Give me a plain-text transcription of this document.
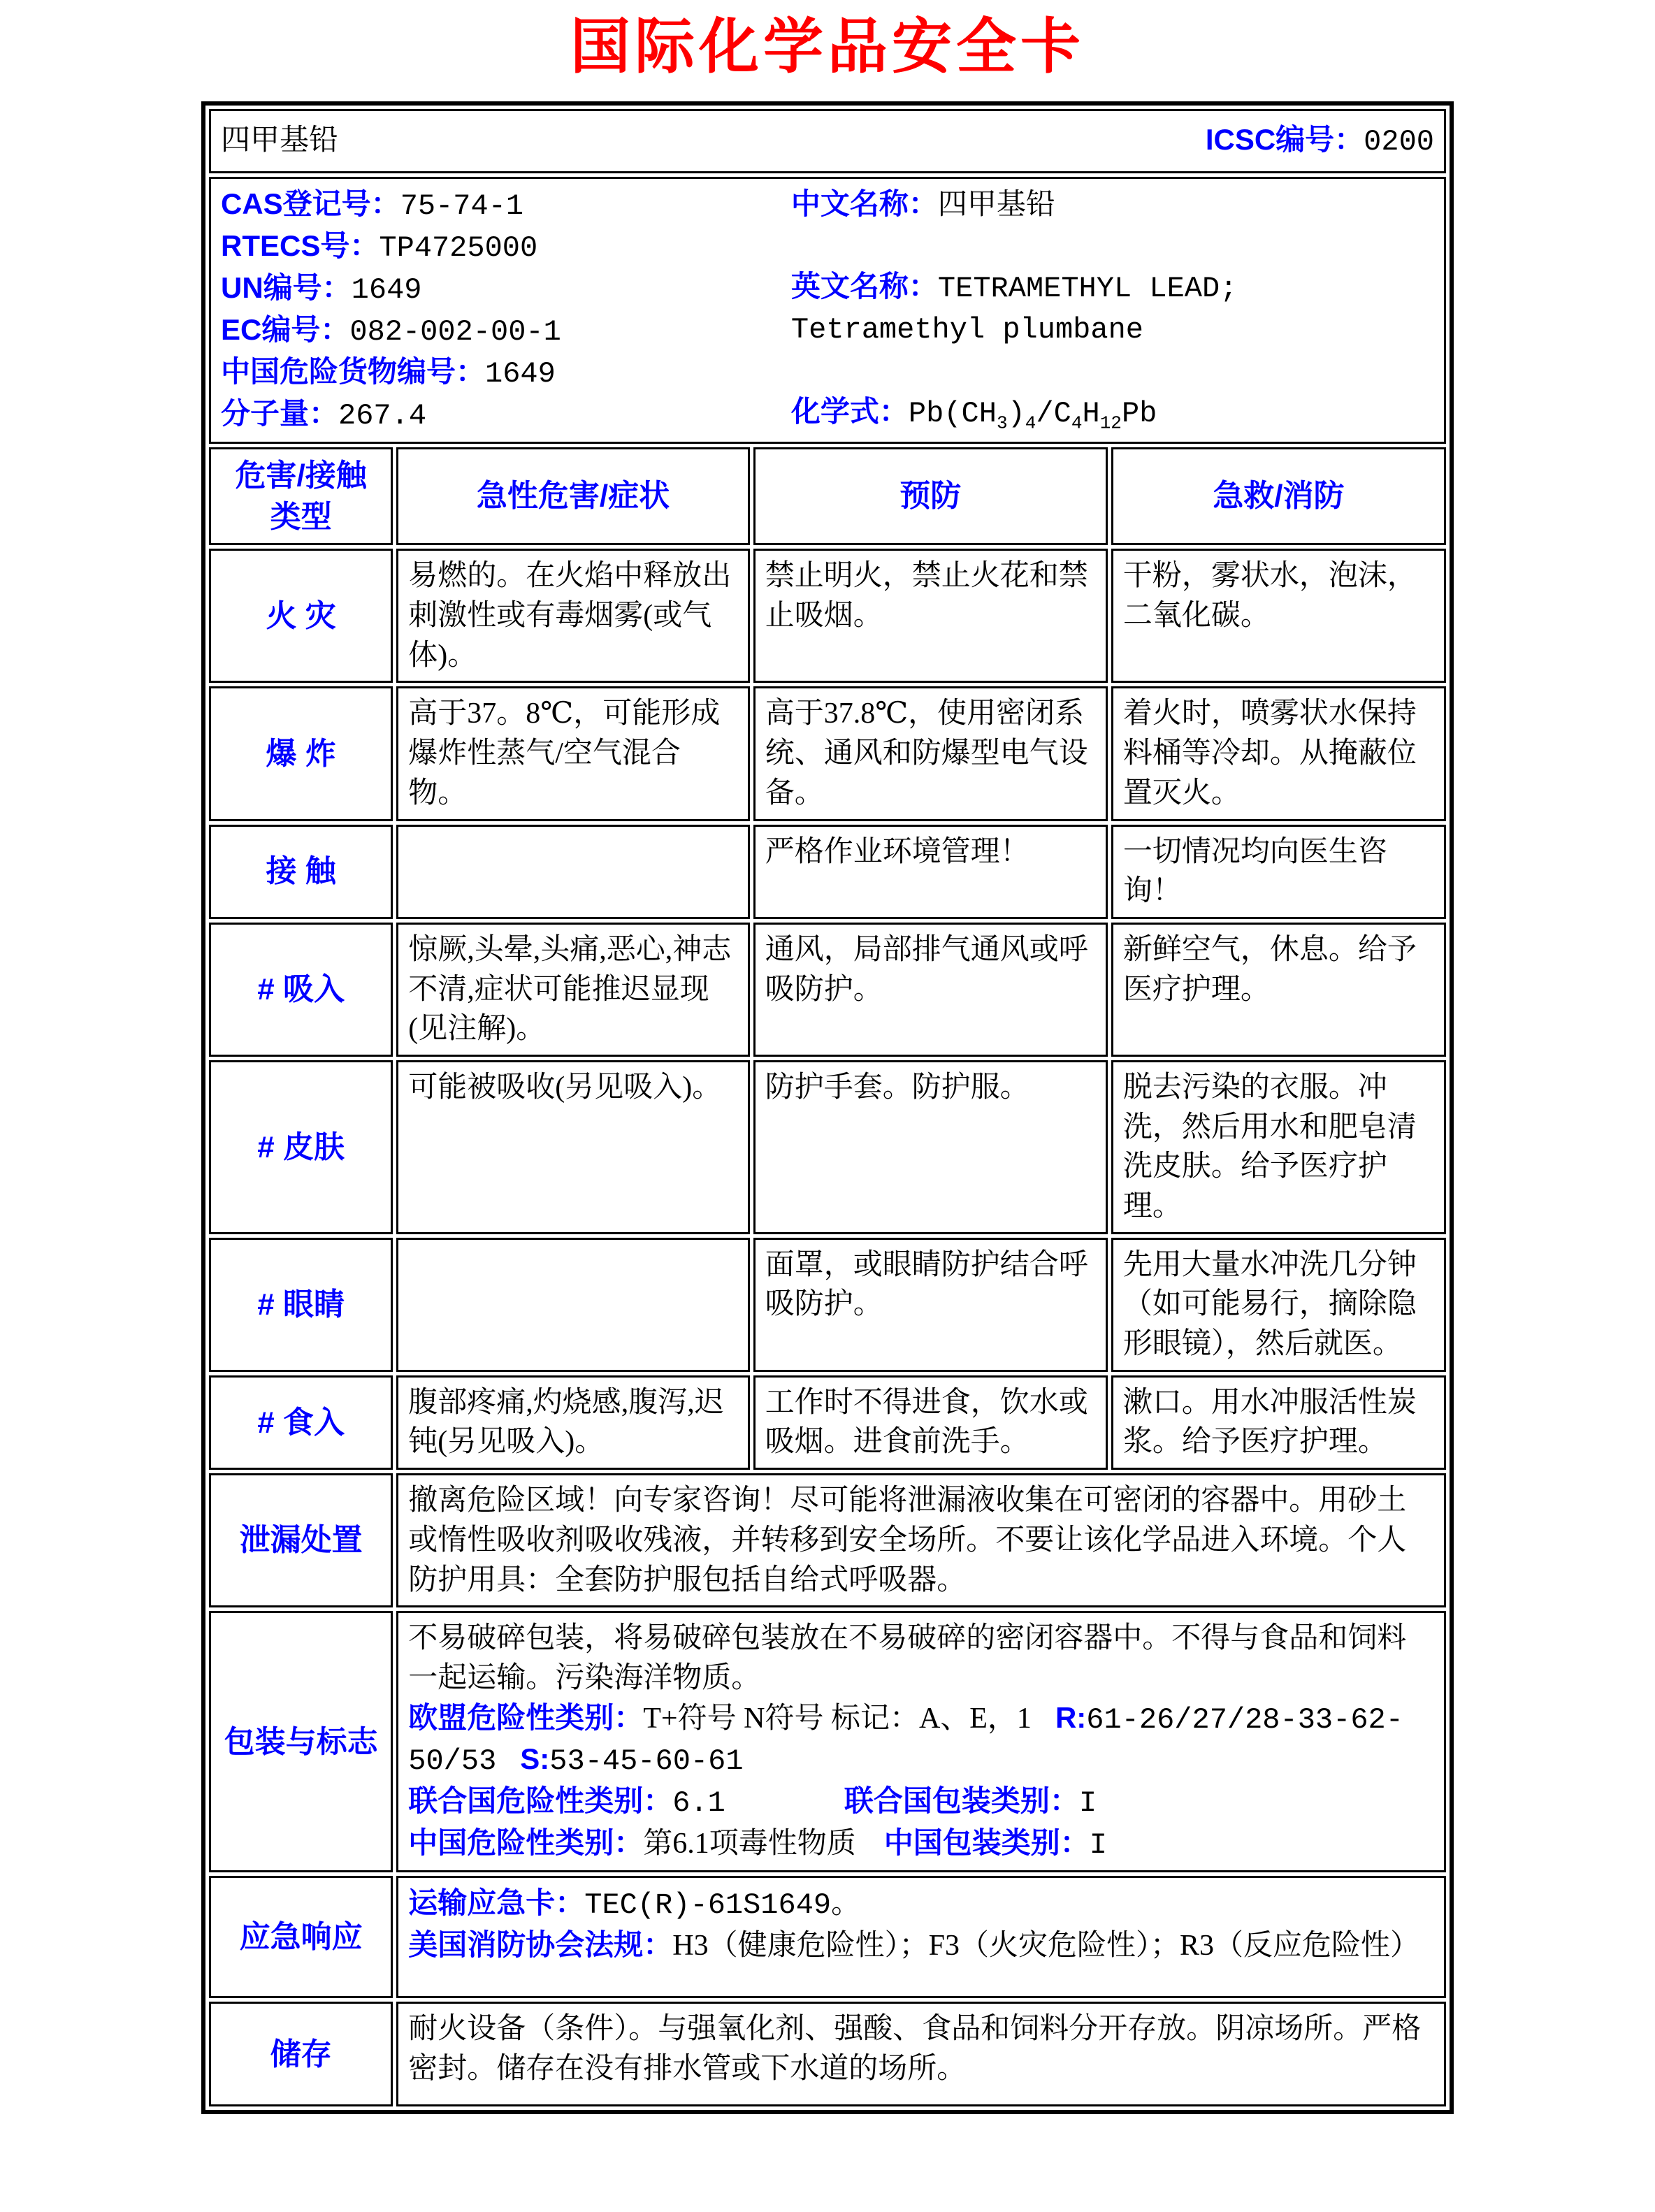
国际化学品安全卡
四甲基铅 ICSC编号：0200			

CAS登记号：75-74-1
RTECS号：TP4725000
UN编号：1649
EC编号：082-002-00-1
中国危险货物编号：1649
分子量：267.4
中文名称：四甲基铅
英文名称：TETRAMETHYL LEAD; Tetramethyl plumbane
化学式：$Pb(CH_3)_4/C_4H_{12}Pb$

危害/接触类型	急性危害/症状	预防	急救/消防
火 灾	易燃的。在火焰中释放出刺激性或有毒烟雾(或气体)。	禁止明火，禁止火花和禁止吸烟。	干粉，雾状水，泡沫，二氧化碳。
爆 炸	高于37。8℃，可能形成爆炸性蒸气/空气混合物。	高于37.8℃，使用密闭系统、通风和防爆型电气设备。	着火时，喷雾状水保持料桶等冷却。从掩蔽位置灭火。
接 触		严格作业环境管理！	一切情况均向医生咨询！
# 吸入	惊厥,头晕,头痛,恶心,神志不清,症状可能推迟显现(见注解)。	通风，局部排气通风或呼吸防护。	新鲜空气，休息。给予医疗护理。
# 皮肤	可能被吸收(另见吸入)。	防护手套。防护服。	脱去污染的衣服。冲洗，然后用水和肥皂清洗皮肤。给予医疗护理。
# 眼睛		面罩，或眼睛防护结合呼吸防护。	先用大量水冲洗几分钟（如可能易行，摘除隐形眼镜），然后就医。
# 食入	腹部疼痛,灼烧感,腹泻,迟钝(另见吸入)。	工作时不得进食，饮水或吸烟。进食前洗手。	漱口。用水冲服活性炭浆。给予医疗护理。
泄漏处置	撤离危险区域！向专家咨询！尽可能将泄漏液收集在可密闭的容器中。用砂土或惰性吸收剂吸收残液，并转移到安全场所。不要让该化学品进入环境。个人防护用具：全套防护服包括自给式呼吸器。		
包装与标志	不易破碎包装，将易破碎包装放在不易破碎的密闭容器中。不得与食品和饲料一起运输。污染海洋物质。

欧盟危险性类别：T+符号 N符号 标记：A、E，1 R:61-26/27/28-33-62-50/53 S:53-45-60-61

联合国危险性类别：6.1 联合国包装类别：I

中国危险性类别：第6.1项毒性物质 中国包装类别：I		

应急响应	运输应急卡：TEC(R)-61S1649。

美国消防协会法规：H3（健康危险性）；F3（火灾危险性）；R3（反应危险性）		

储存	耐火设备（条件）。与强氧化剂、强酸、食品和饲料分开存放。阴凉场所。严格密封。储存在没有排水管或下水道的场所。		
